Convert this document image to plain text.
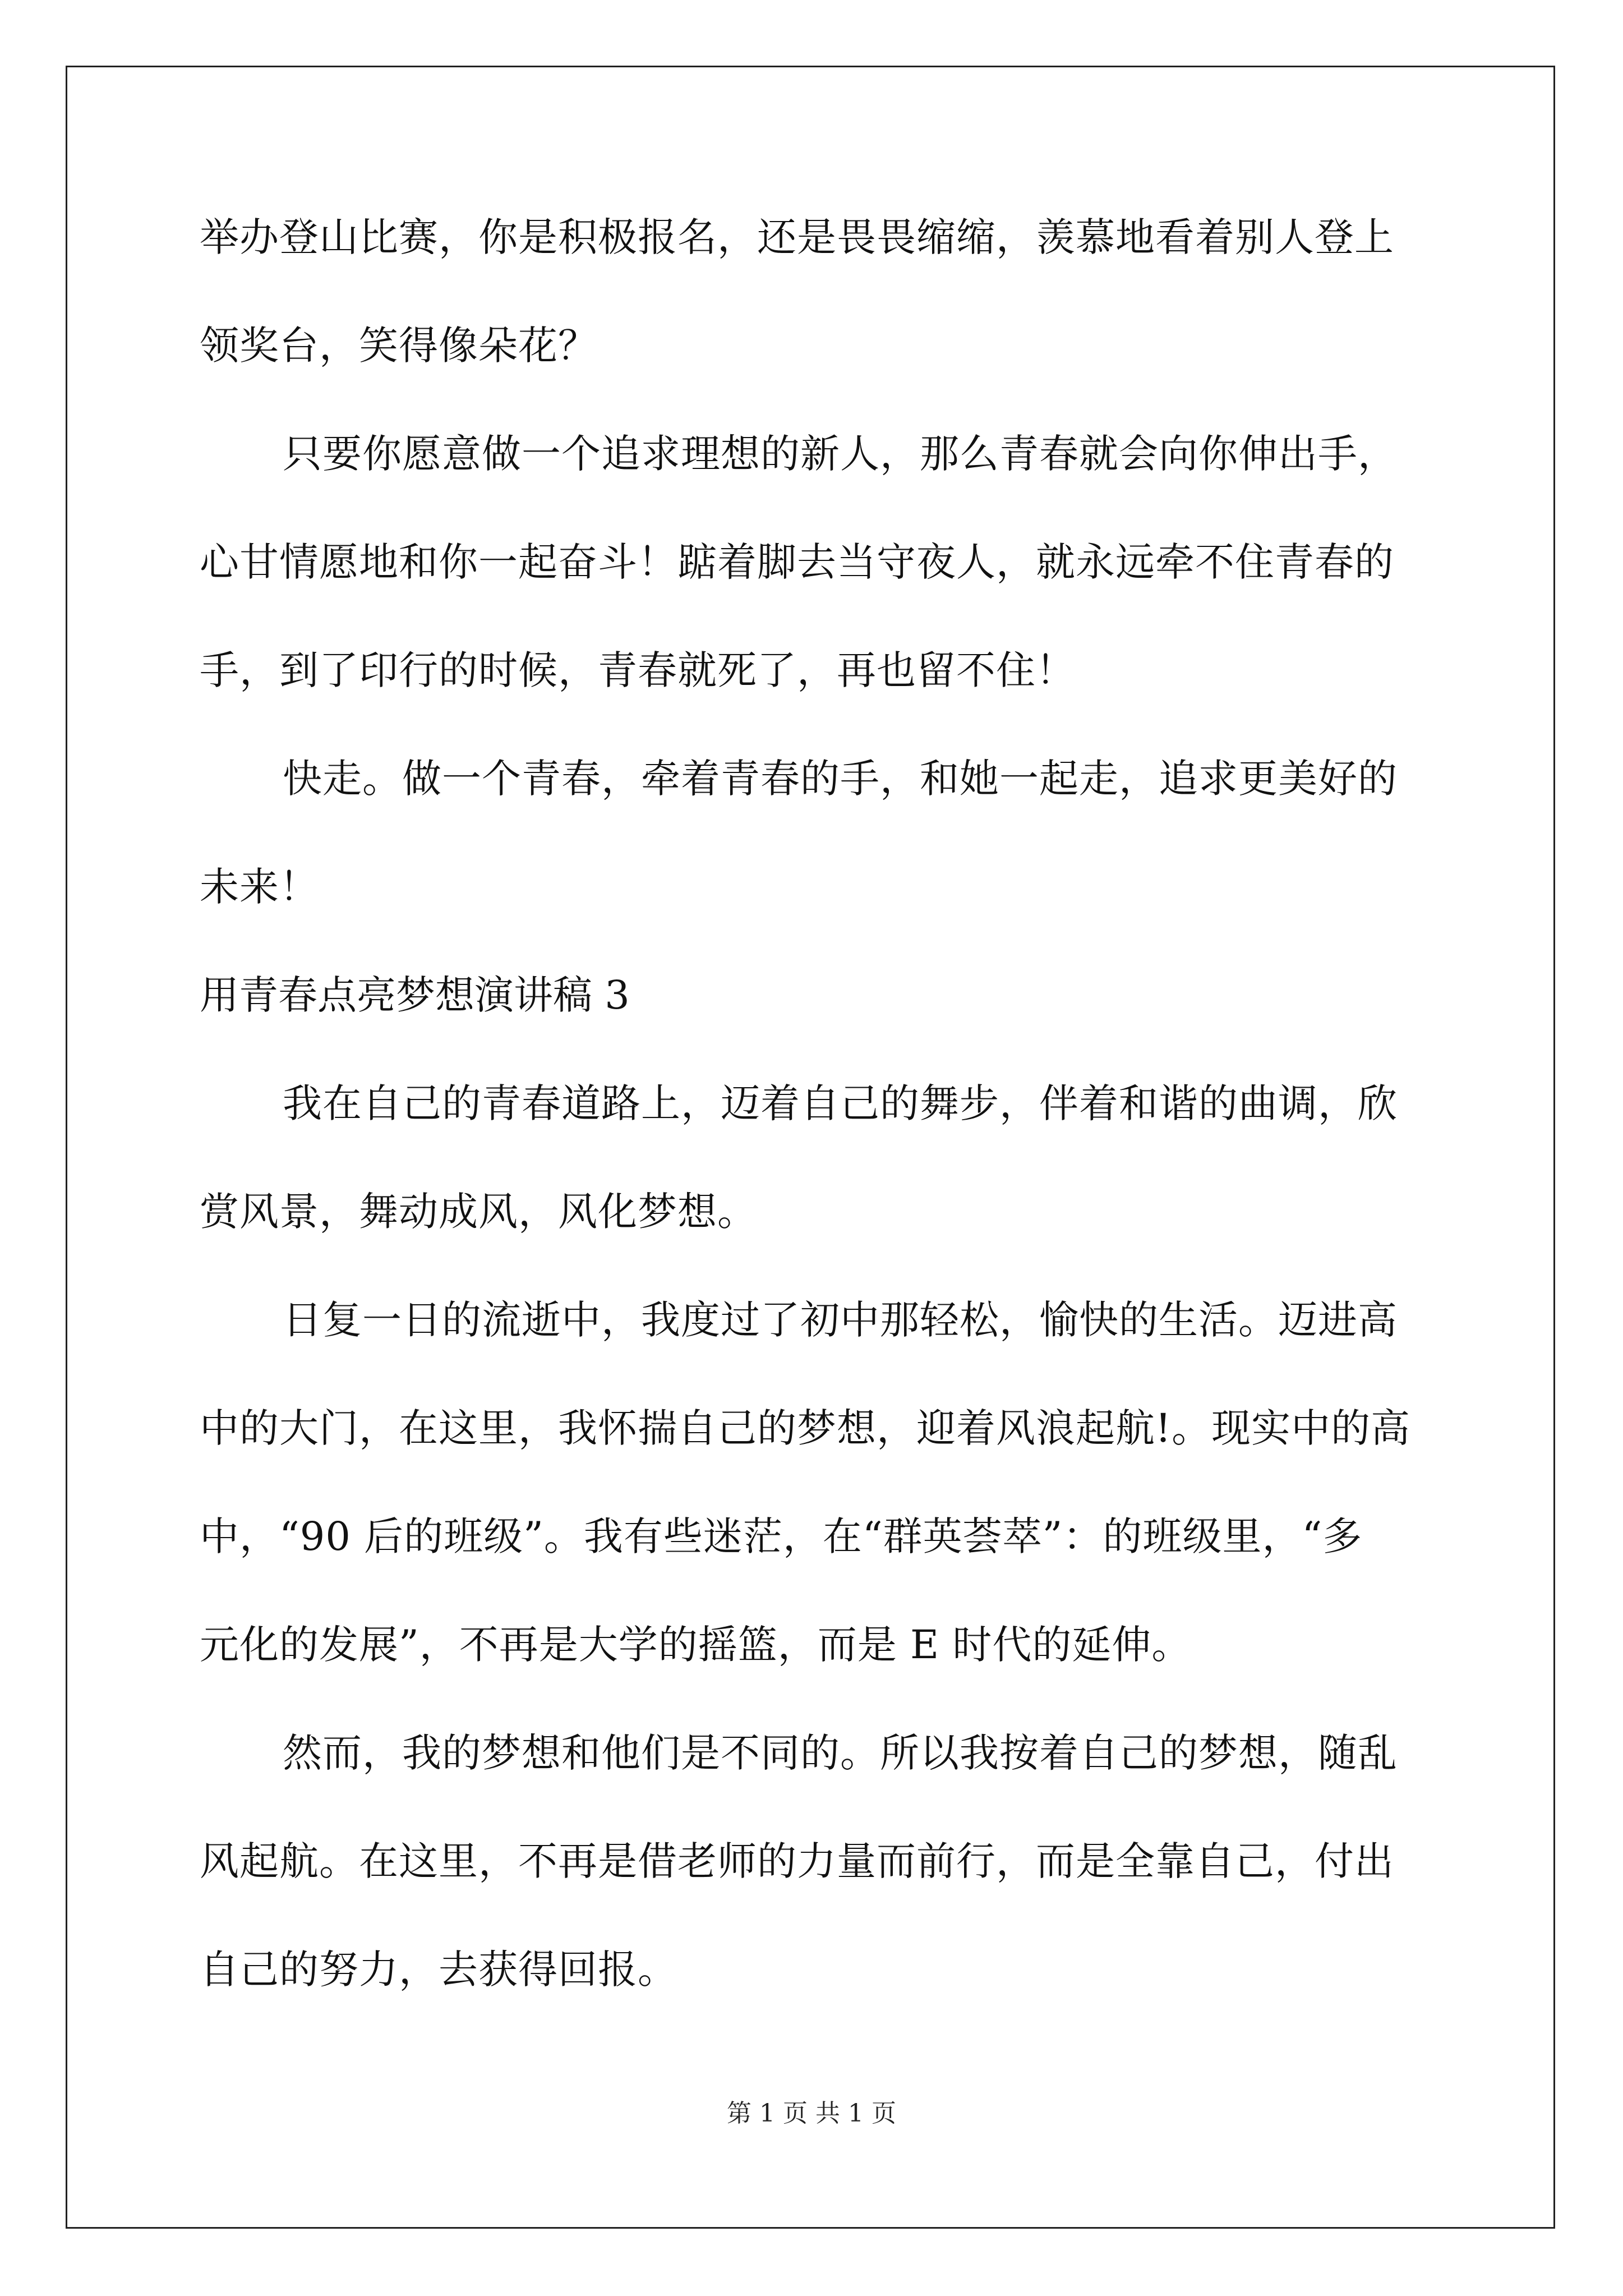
举办登山比赛，你是积极报名，还是畏畏缩缩，羡慕地看着别人登上
领奖台，笑得像朵花？
只要你愿意做一个追求理想的新人，那么青春就会向你伸出手，
心甘情愿地和你一起奋斗！踮着脚去当守夜人，就永远牵不住青春的
手，到了印行的时候，青春就死了，再也留不住！
快走。做一个青春，牵着青春的手，和她一起走，追求更美好的
未来！
用青春点亮梦想演讲稿 3
我在自己的青春道路上，迈着自己的舞步，伴着和谐的曲调，欣
赏风景，舞动成风，风化梦想。
日复一日的流逝中，我度过了初中那轻松，愉快的生活。迈进高
中的大门，在这里，我怀揣自己的梦想，迎着风浪起航!。现实中的高
中，“90 后的班级”。我有些迷茫，在“群英荟萃”：的班级里，“多
元化的发展”，不再是大学的摇篮，而是 E 时代的延伸。
然而，我的梦想和他们是不同的。所以我按着自己的梦想，随乱
风起航。在这里，不再是借老师的力量而前行，而是全靠自己，付出
自己的努力，去获得回报。
第 1 页 共 1 页
